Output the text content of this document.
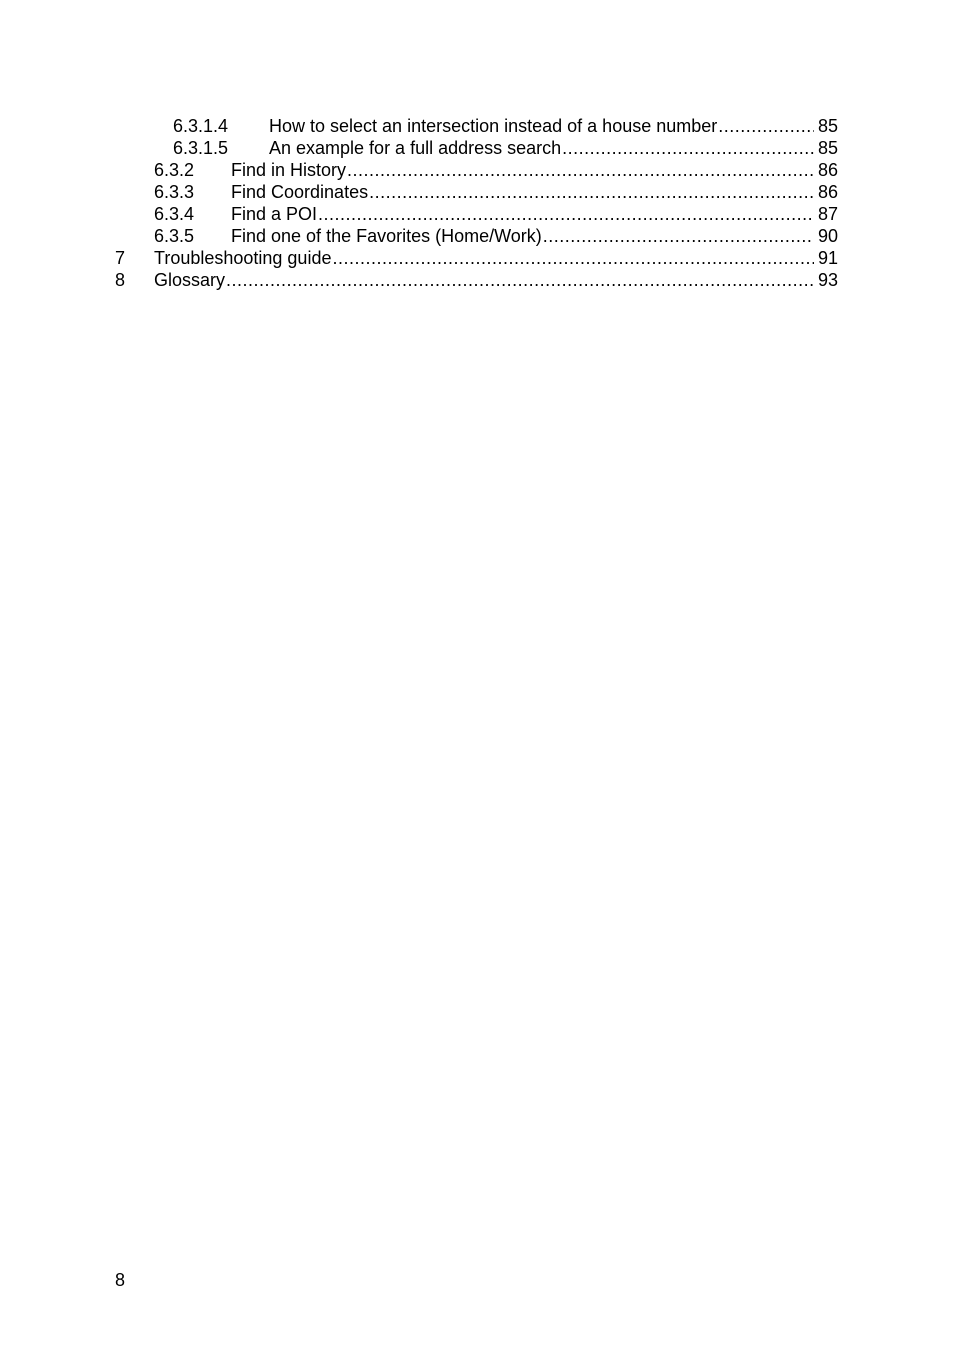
6.3.1.4 How to select an intersection instead of a house number .....	85
6.3.1.5 An example for a full address search .....	85
6.3.2 Find in History .....	86
6.3.3 Find Coordinates .....	86
6.3.4 Find a POI .....	87
6.3.5 Find one of the Favorites (Home/Work) .....	90
7 Troubleshooting guide .....	91
8 Glossary .....	93
8
